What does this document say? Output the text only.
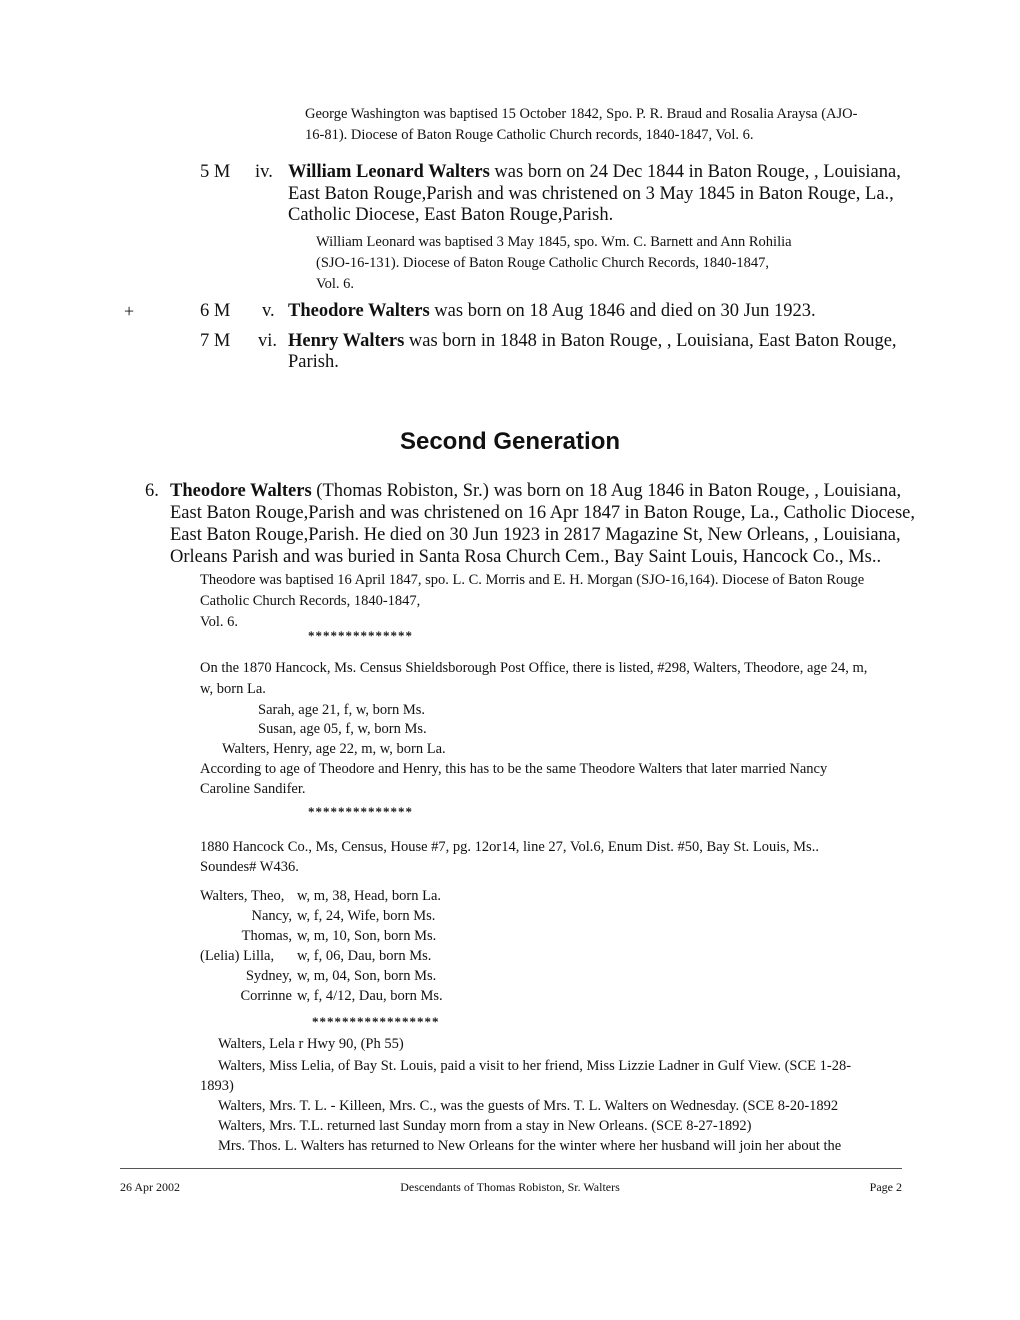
George Washington was baptised 15 October 1842, Spo. P. R. Braud and Rosalia Araysa (AJO-
16-81). Diocese of Baton Rouge Catholic Church records, 1840-1847, Vol. 6.
5 M iv. William Leonard Walters was born on 24 Dec 1844 in Baton Rouge, , Louisiana,
East Baton Rouge,Parish and was christened on 3 May 1845 in Baton Rouge, La.,
Catholic Diocese, East Baton Rouge,Parish.
William Leonard was baptised 3 May 1845, spo. Wm. C. Barnett and Ann Rohilia
(SJO-16-131). Diocese of Baton Rouge Catholic Church Records, 1840-1847,
Vol. 6.
+	6 M v. Theodore Walters was born on 18 Aug 1846 and died on 30 Jun 1923.
7 M vi. Henry Walters was born in 1848 in Baton Rouge, , Louisiana, East Baton Rouge,
Parish.
Second Generation
6. Theodore Walters (Thomas Robiston, Sr.) was born on 18 Aug 1846 in Baton Rouge, , Louisiana,
East Baton Rouge,Parish and was christened on 16 Apr 1847 in Baton Rouge, La., Catholic Diocese,
East Baton Rouge,Parish. He died on 30 Jun 1923 in 2817 Magazine St, New Orleans, , Louisiana,
Orleans Parish and was buried in Santa Rosa Church Cem., Bay Saint Louis, Hancock Co., Ms..
Theodore was baptised 16 April 1847, spo. L. C. Morris and E. H. Morgan (SJO-16,164). Diocese of Baton Rouge
Catholic Church Records, 1840-1847,
Vol. 6.
**************
On the 1870 Hancock, Ms. Census Shieldsborough Post Office, there is listed, #298, Walters, Theodore, age 24, m,
w, born La.
Sarah, age 21, f, w, born Ms.
Susan, age 05, f, w, born Ms.
Walters, Henry, age 22, m, w, born La.
According to age of Theodore and Henry, this has to be the same Theodore Walters that later married Nancy
Caroline Sandifer.
**************
1880 Hancock Co., Ms, Census, House #7, pg. 12or14, line 27, Vol.6, Enum Dist. #50, Bay St. Louis, Ms..
Soundes# W436.
Walters, Theo, w, m, 38, Head, born La.
Nancy, w, f, 24, Wife, born Ms.
Thomas, w, m, 10, Son, born Ms.
(Lelia) Lilla,	w, f, 06, Dau, born Ms.
Sydney, w, m, 04, Son, born Ms.
Corrinne w, f, 4/12, Dau, born Ms.
*****************
Walters, Lela r Hwy 90, (Ph 55)
Walters, Miss Lelia, of Bay St. Louis, paid a visit to her friend, Miss Lizzie Ladner in Gulf View. (SCE 1-28-
1893)
Walters, Mrs. T. L. - Killeen, Mrs. C., was the guests of Mrs. T. L. Walters on Wednesday. (SCE 8-20-1892
Walters, Mrs. T.L. returned last Sunday morn from a stay in New Orleans. (SCE 8-27-1892)
Mrs. Thos. L. Walters has returned to New Orleans for the winter where her husband will join her about the
26 Apr 2002	Descendants of Thomas Robiston, Sr. Walters	Page 2
